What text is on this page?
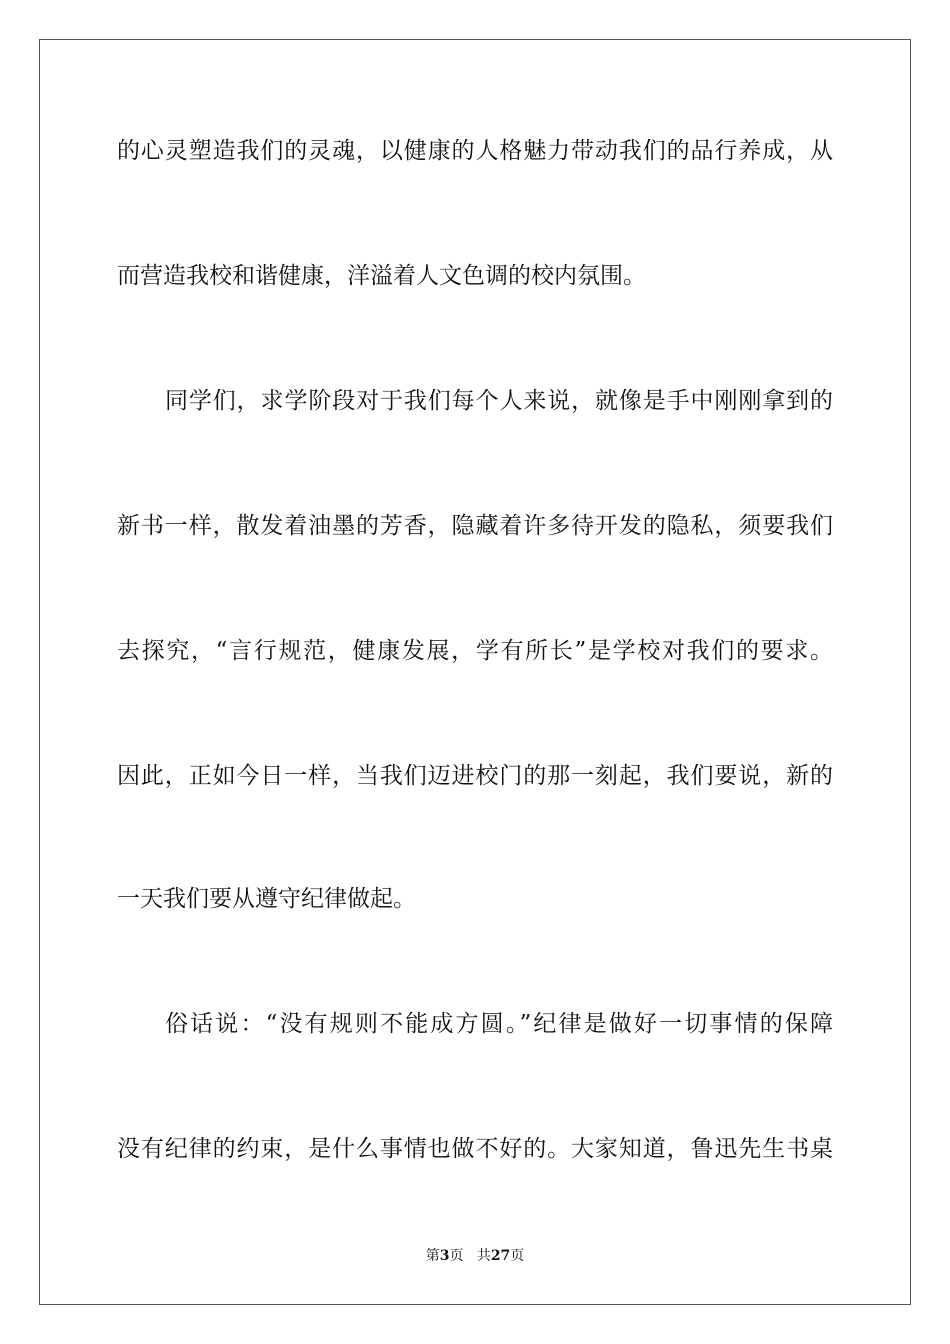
的心灵塑造我们的灵魂，以健康的人格魅力带动我们的品行养成，从
而营造我校和谐健康，洋溢着人文色调的校内氛围。
同学们，求学阶段对于我们每个人来说，就像是手中刚刚拿到的
新书一样，散发着油墨的芳香，隐藏着许多待开发的隐私，须要我们
去探究，“言行规范，健康发展，学有所长”是学校对我们的要求。
因此，正如今日一样，当我们迈进校门的那一刻起，我们要说，新的
一天我们要从遵守纪律做起。
俗话说：“没有规则不能成方圆。”纪律是做好一切事情的保障
没有纪律的约束，是什么事情也做不好的。大家知道，鲁迅先生书桌
第3页 共27页
